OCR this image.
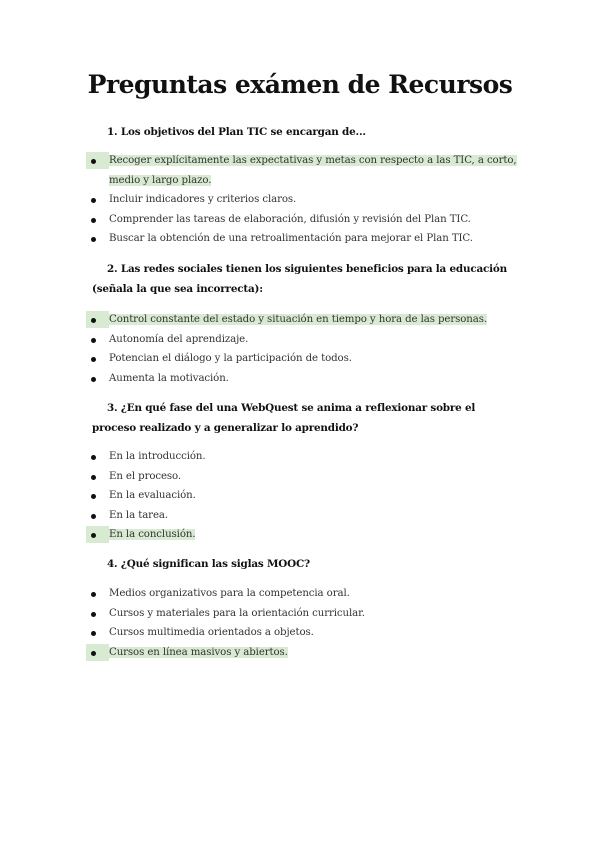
Preguntas exámen de Recursos
1. Los objetivos del Plan TIC se encargan de...
Recoger explícitamente las expectativas y metas con respecto a las TIC, a corto, medio y largo plazo.
Incluir indicadores y criterios claros.
Comprender las tareas de elaboración, difusión y revisión del Plan TIC.
Buscar la obtención de una retroalimentación para mejorar el Plan TIC.
2. Las redes sociales tienen los siguientes beneficios para la educación (señala la que sea incorrecta):
Control constante del estado y situación en tiempo y hora de las personas.
Autonomía del aprendizaje.
Potencian el diálogo y la participación de todos.
Aumenta la motivación.
3. ¿En qué fase del una WebQuest se anima a reflexionar sobre el proceso realizado y a generalizar lo aprendido?
En la introducción.
En el proceso.
En la evaluación.
En la tarea.
En la conclusión.
4. ¿Qué significan las siglas MOOC?
Medios organizativos para la competencia oral.
Cursos y materiales para la orientación curricular.
Cursos multimedia orientados a objetos.
Cursos en línea masivos y abiertos.
